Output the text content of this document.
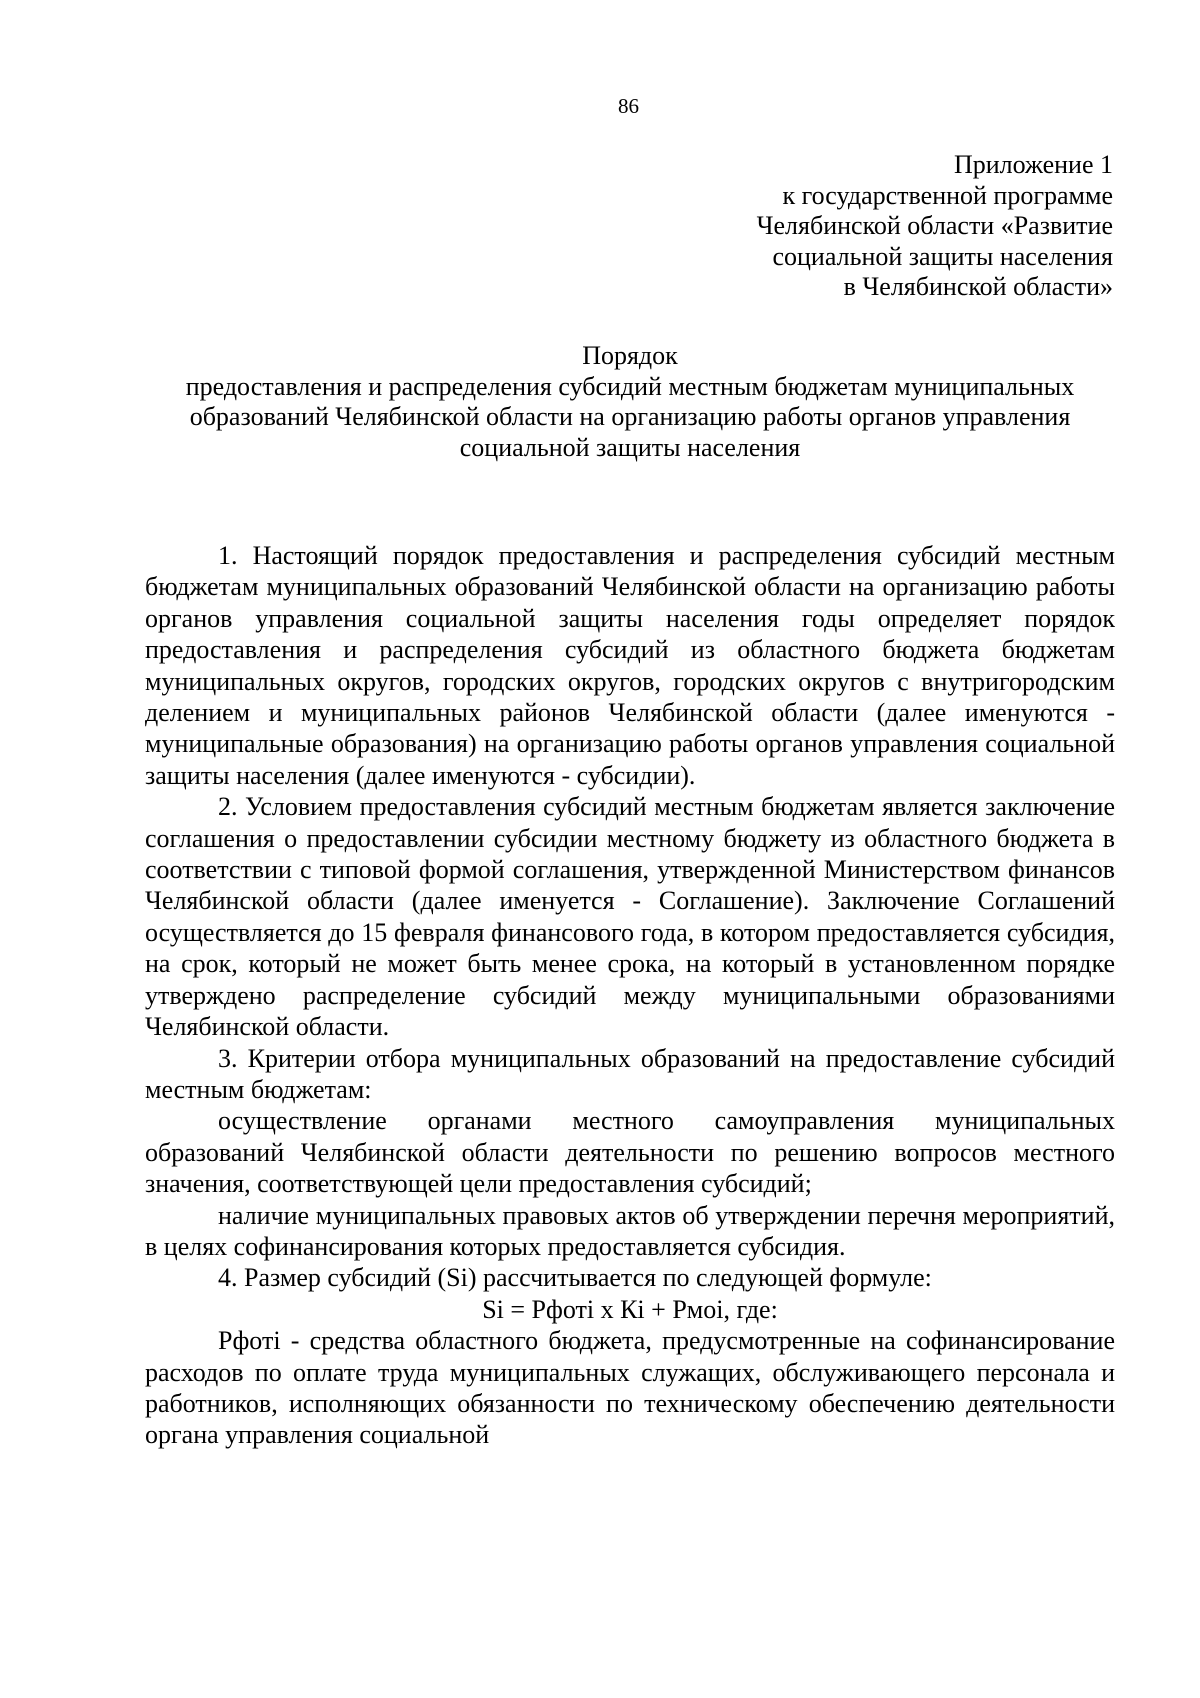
86
Приложение 1
к государственной программе
Челябинской области «Развитие
социальной защиты населения
в Челябинской области»
Порядок
предоставления и распределения субсидий местным бюджетам муниципальных
образований Челябинской области на организацию работы органов управления
социальной защиты населения

1. Настоящий порядок предоставления и распределения субсидий местным бюджетам муниципальных образований Челябинской области на организацию работы органов управления социальной защиты населения годы определяет порядок предоставления и распределения субсидий из областного бюджета бюджетам муниципальных округов, городских округов, городских округов с внутригородским делением и муниципальных районов Челябинской области (далее именуются - муниципальные образования) на организацию работы органов управления социальной защиты населения (далее именуются - субсидии).

2. Условием предоставления субсидий местным бюджетам является заключение соглашения о предоставлении субсидии местному бюджету из областного бюджета в соответствии с типовой формой соглашения, утвержденной Министерством финансов Челябинской области (далее именуется - Соглашение). Заключение Соглашений осуществляется до 15 февраля финансового года, в котором предоставляется субсидия, на срок, который не может быть менее срока, на который в установленном порядке утверждено распределение субсидий между муниципальными образованиями Челябинской области.

3. Критерии отбора муниципальных образований на предоставление субсидий местным бюджетам:

осуществление органами местного самоуправления муниципальных образований Челябинской области деятельности по решению вопросов местного значения, соответствующей цели предоставления субсидий;

наличие муниципальных правовых актов об утверждении перечня мероприятий, в целях софинансирования которых предоставляется субсидия.

4. Размер субсидий (Si) рассчитывается по следующей формуле:

Si = Рфотi x Кi + Рмоi, где:

Рфотi - средства областного бюджета, предусмотренные на софинансирование расходов по оплате труда муниципальных служащих, обслуживающего персонала и работников, исполняющих обязанности по техническому обеспечению деятельности органа управления социальной
